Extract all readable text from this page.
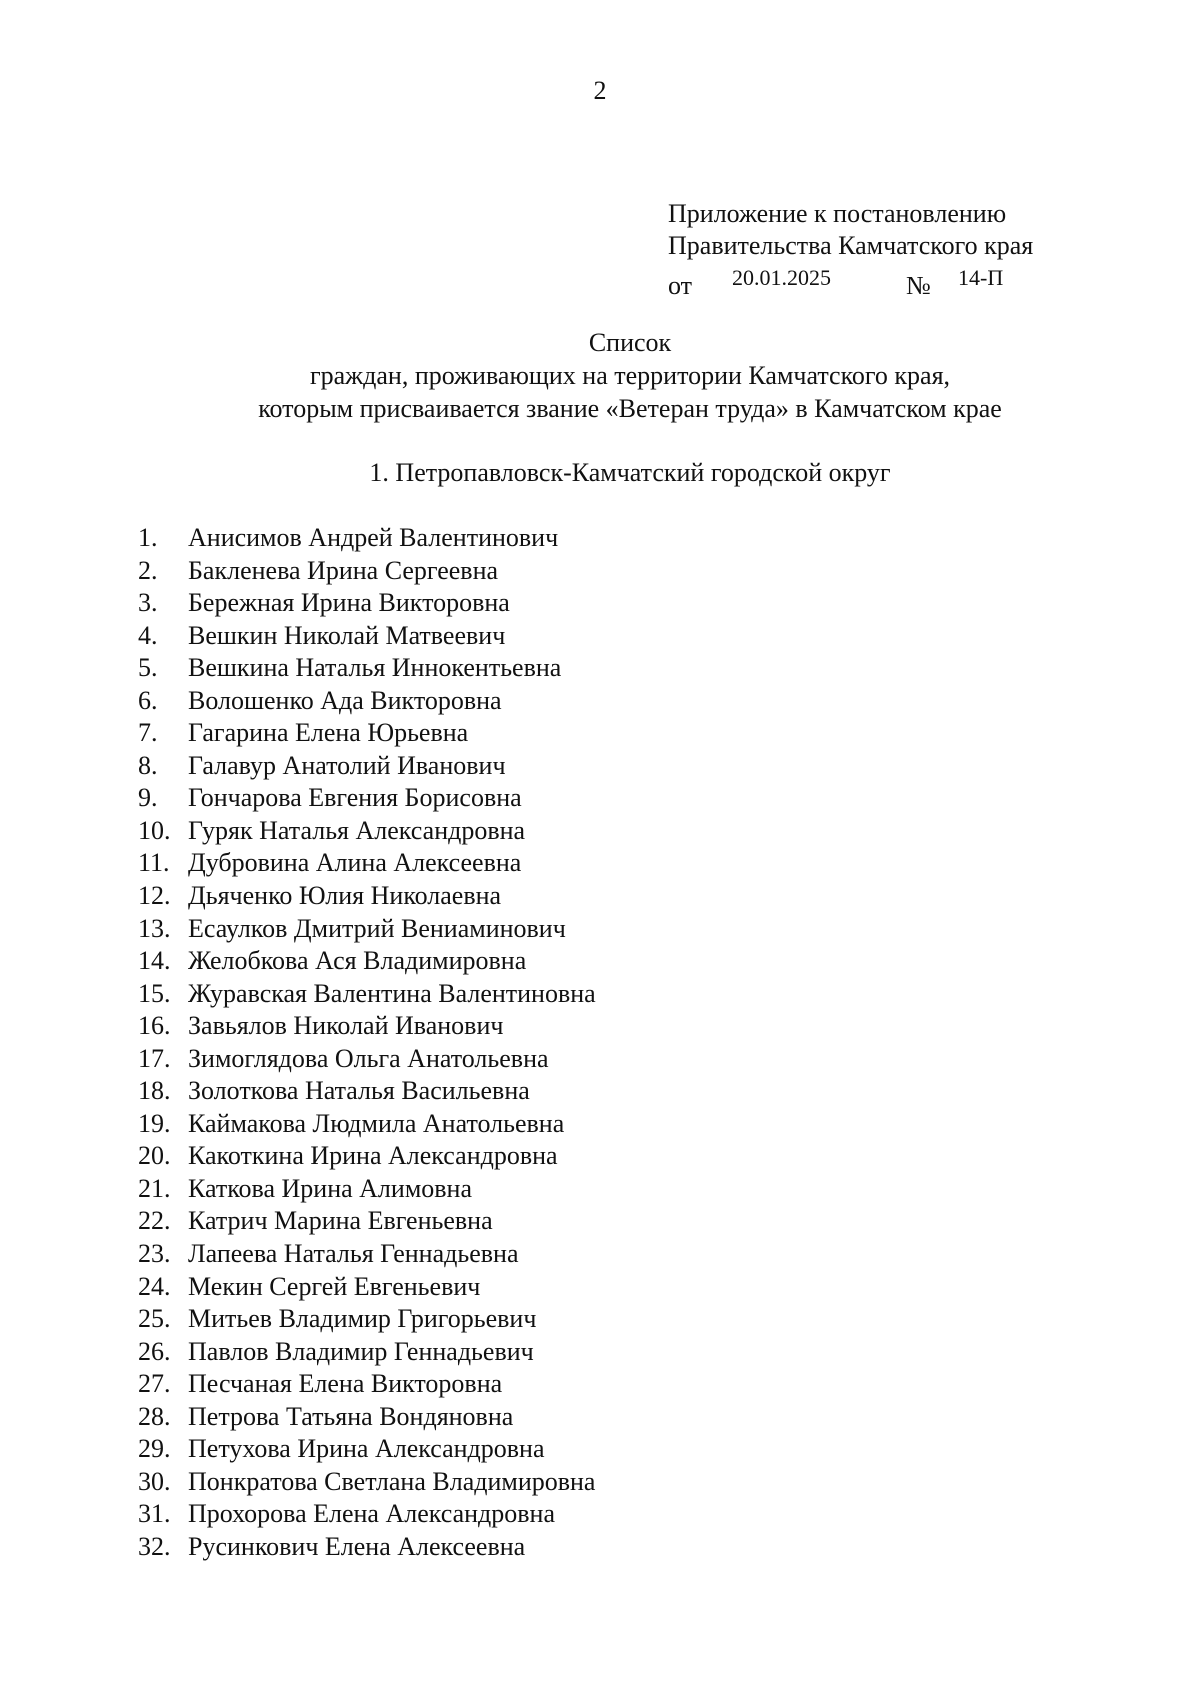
2
Приложение к постановлению
Правительства Камчатского края
от 20.01.2025	№ 14-П
Список
граждан, проживающих на территории Камчатского края,
которым присваивается звание «Ветеран труда» в Камчатском крае
1. Петропавловск-Камчатский городской округ
1. Анисимов Андрей Валентинович
2. Бакленева Ирина Сергеевна
3. Бережная Ирина Викторовна
4. Вешкин Николай Матвеевич
5. Вешкина Наталья Иннокентьевна
6. Волошенко Ада Викторовна
7. Гагарина Елена Юрьевна
8. Галавур Анатолий Иванович
9. Гончарова Евгения Борисовна
10. Гуряк Наталья Александровна
11. Дубровина Алина Алексеевна
12. Дьяченко Юлия Николаевна
13. Есаулков Дмитрий Вениаминович
14. Желобкова Ася Владимировна
15. Журавская Валентина Валентиновна
16. Завьялов Николай Иванович
17. Зимоглядова Ольга Анатольевна
18. Золоткова Наталья Васильевна
19. Каймакова Людмила Анатольевна
20. Какоткина Ирина Александровна
21. Каткова Ирина Алимовна
22. Катрич Марина Евгеньевна
23. Лапеева Наталья Геннадьевна
24. Мекин Сергей Евгеньевич
25. Митьев Владимир Григорьевич
26. Павлов Владимир Геннадьевич
27. Песчаная Елена Викторовна
28. Петрова Татьяна Вондяновна
29. Петухова Ирина Александровна
30. Понкратова Светлана Владимировна
31. Прохорова Елена Александровна
32. Русинкович Елена Алексеевна
